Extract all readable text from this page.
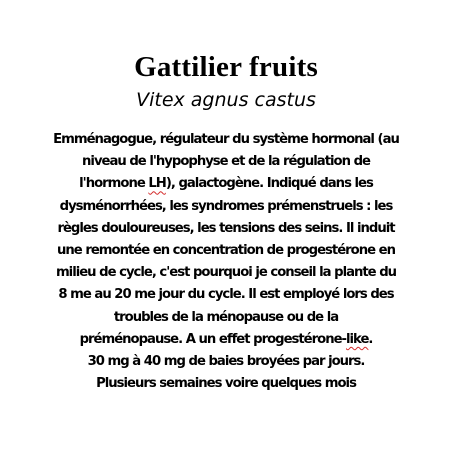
Gattilier fruits
Vitex agnus castus
Emménagogue, régulateur du système hormonal (au
niveau de l'hypophyse et de la régulation de
l'hormone LH), galactogène. Indiqué dans les
dysménorrhées, les syndromes prémenstruels : les
règles douloureuses, les tensions des seins. Il induit
une remontée en concentration de progestérone en
milieu de cycle, c'est pourquoi je conseil la plante du
8 me au 20 me jour du cycle. Il est employé lors des
troubles de la ménopause ou de la
préménopause. A un effet progestérone-like.
30 mg à 40 mg de baies broyées par jours.
Plusieurs semaines voire quelques mois
